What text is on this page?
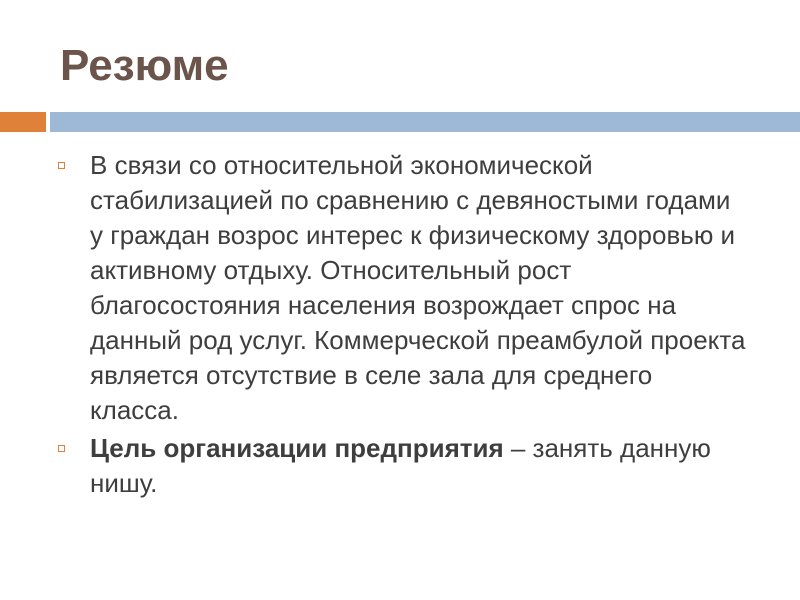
Резюме
В связи со относительной экономической стабилизацией по сравнению с девяностыми годами у граждан возрос интерес к физическому здоровью и активному отдыху. Относительный рост благосостояния населения возрождает спрос на данный род услуг. Коммерческой преамбулой проекта является отсутствие в селе зала для среднего класса.
Цель организации предприятия – занять данную нишу.
